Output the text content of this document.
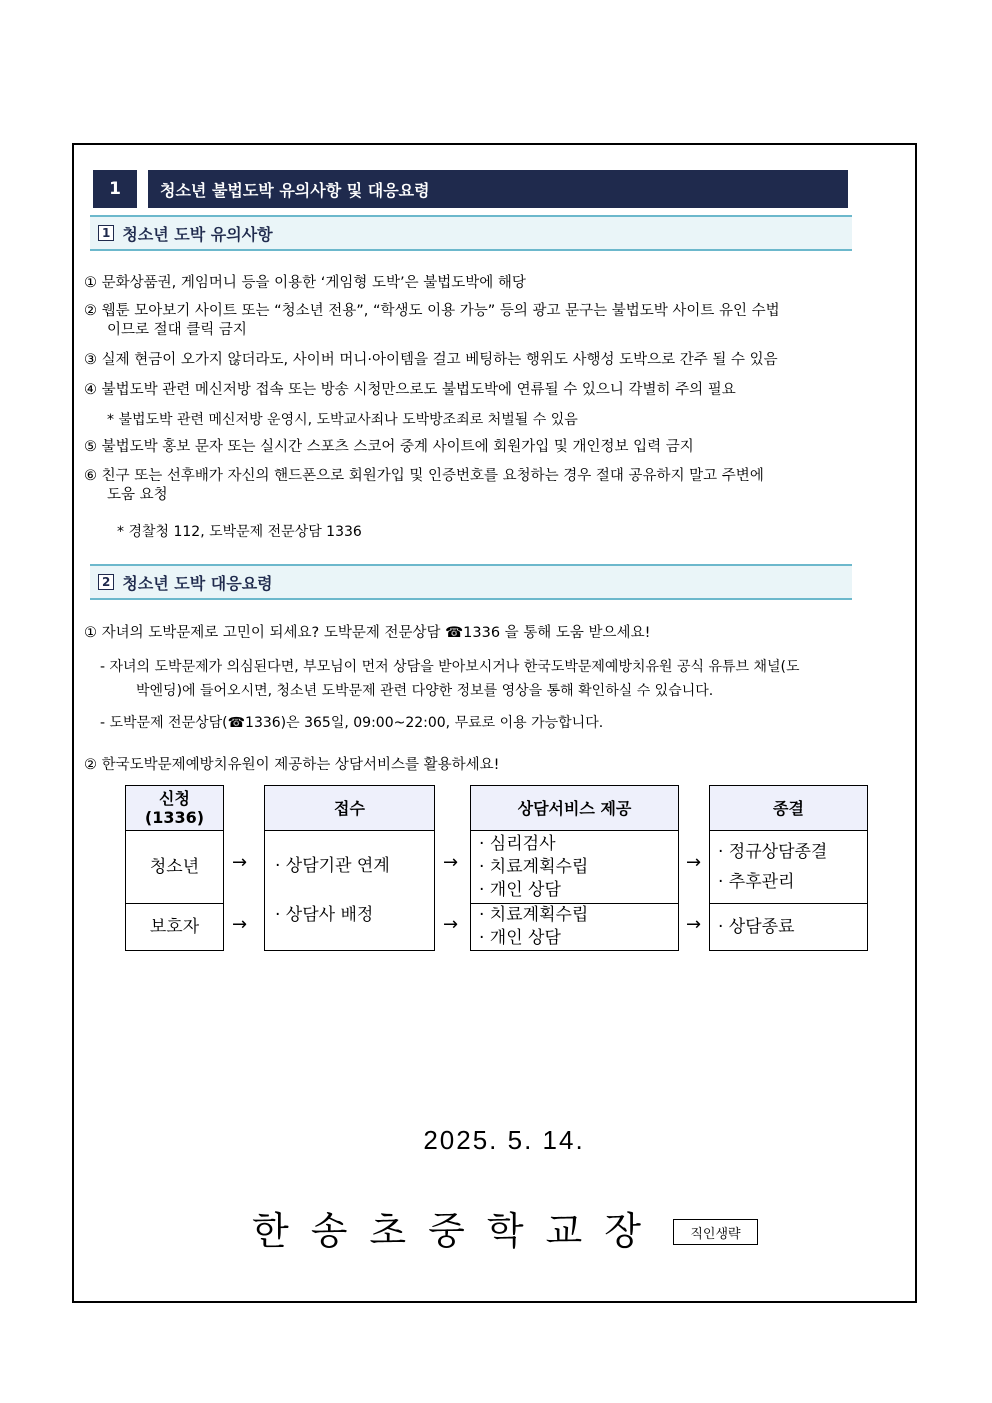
1	청소년 불법도박 유의사항 및 대응요령
1 청소년 도박 유의사항
① 문화상품권, 게임머니 등을 이용한 ‘게임형 도박’은 불법도박에 해당
② 웹툰 모아보기 사이트 또는 “청소년 전용”, “학생도 이용 가능” 등의 광고 문구는 불법도박 사이트 유인 수법
이므로 절대 클릭 금지
③ 실제 현금이 오가지 않더라도, 사이버 머니·아이템을 걸고 베팅하는 행위도 사행성 도박으로 간주 될 수 있음
④ 불법도박 관련 메신저방 접속 또는 방송 시청만으로도 불법도박에 연류될 수 있으니 각별히 주의 필요
* 불법도박 관련 메신저방 운영시, 도박교사죄나 도박방조죄로 처벌될 수 있음
⑤ 불법도박 홍보 문자 또는 실시간 스포츠 스코어 중계 사이트에 회원가입 및 개인정보 입력 금지
⑥ 친구 또는 선후배가 자신의 핸드폰으로 회원가입 및 인증번호를 요청하는 경우 절대 공유하지 말고 주변에
도움 요청
* 경찰청 112, 도박문제 전문상담 1336
2 청소년 도박 대응요령
① 자녀의 도박문제로 고민이 되세요? 도박문제 전문상담 ☎1336 을 통해 도움 받으세요!
- 자녀의 도박문제가 의심된다면, 부모님이 먼저 상담을 받아보시거나 한국도박문제예방치유원 공식 유튜브 채널(도
박엔딩)에 들어오시면, 청소년 도박문제 관련 다양한 정보를 영상을 통해 확인하실 수 있습니다.
- 도박문제 전문상담(☎1336)은 365일, 09:00~22:00, 무료로 이용 가능합니다.
② 한국도박문제예방치유원이 제공하는 상담서비스를 활용하세요!
신청
(1336)
청소년
보호자
→
→
접수
· 상담기관 연계
· 상담사 배정
→
→
상담서비스 제공
· 심리검사
· 치료계획수립
· 개인 상담
· 치료계획수립
· 개인 상담
→
→
종결
· 정규상담종결
· 추후관리
· 상담종료
2025. 5. 14.
한송초중학교장	직인생략
